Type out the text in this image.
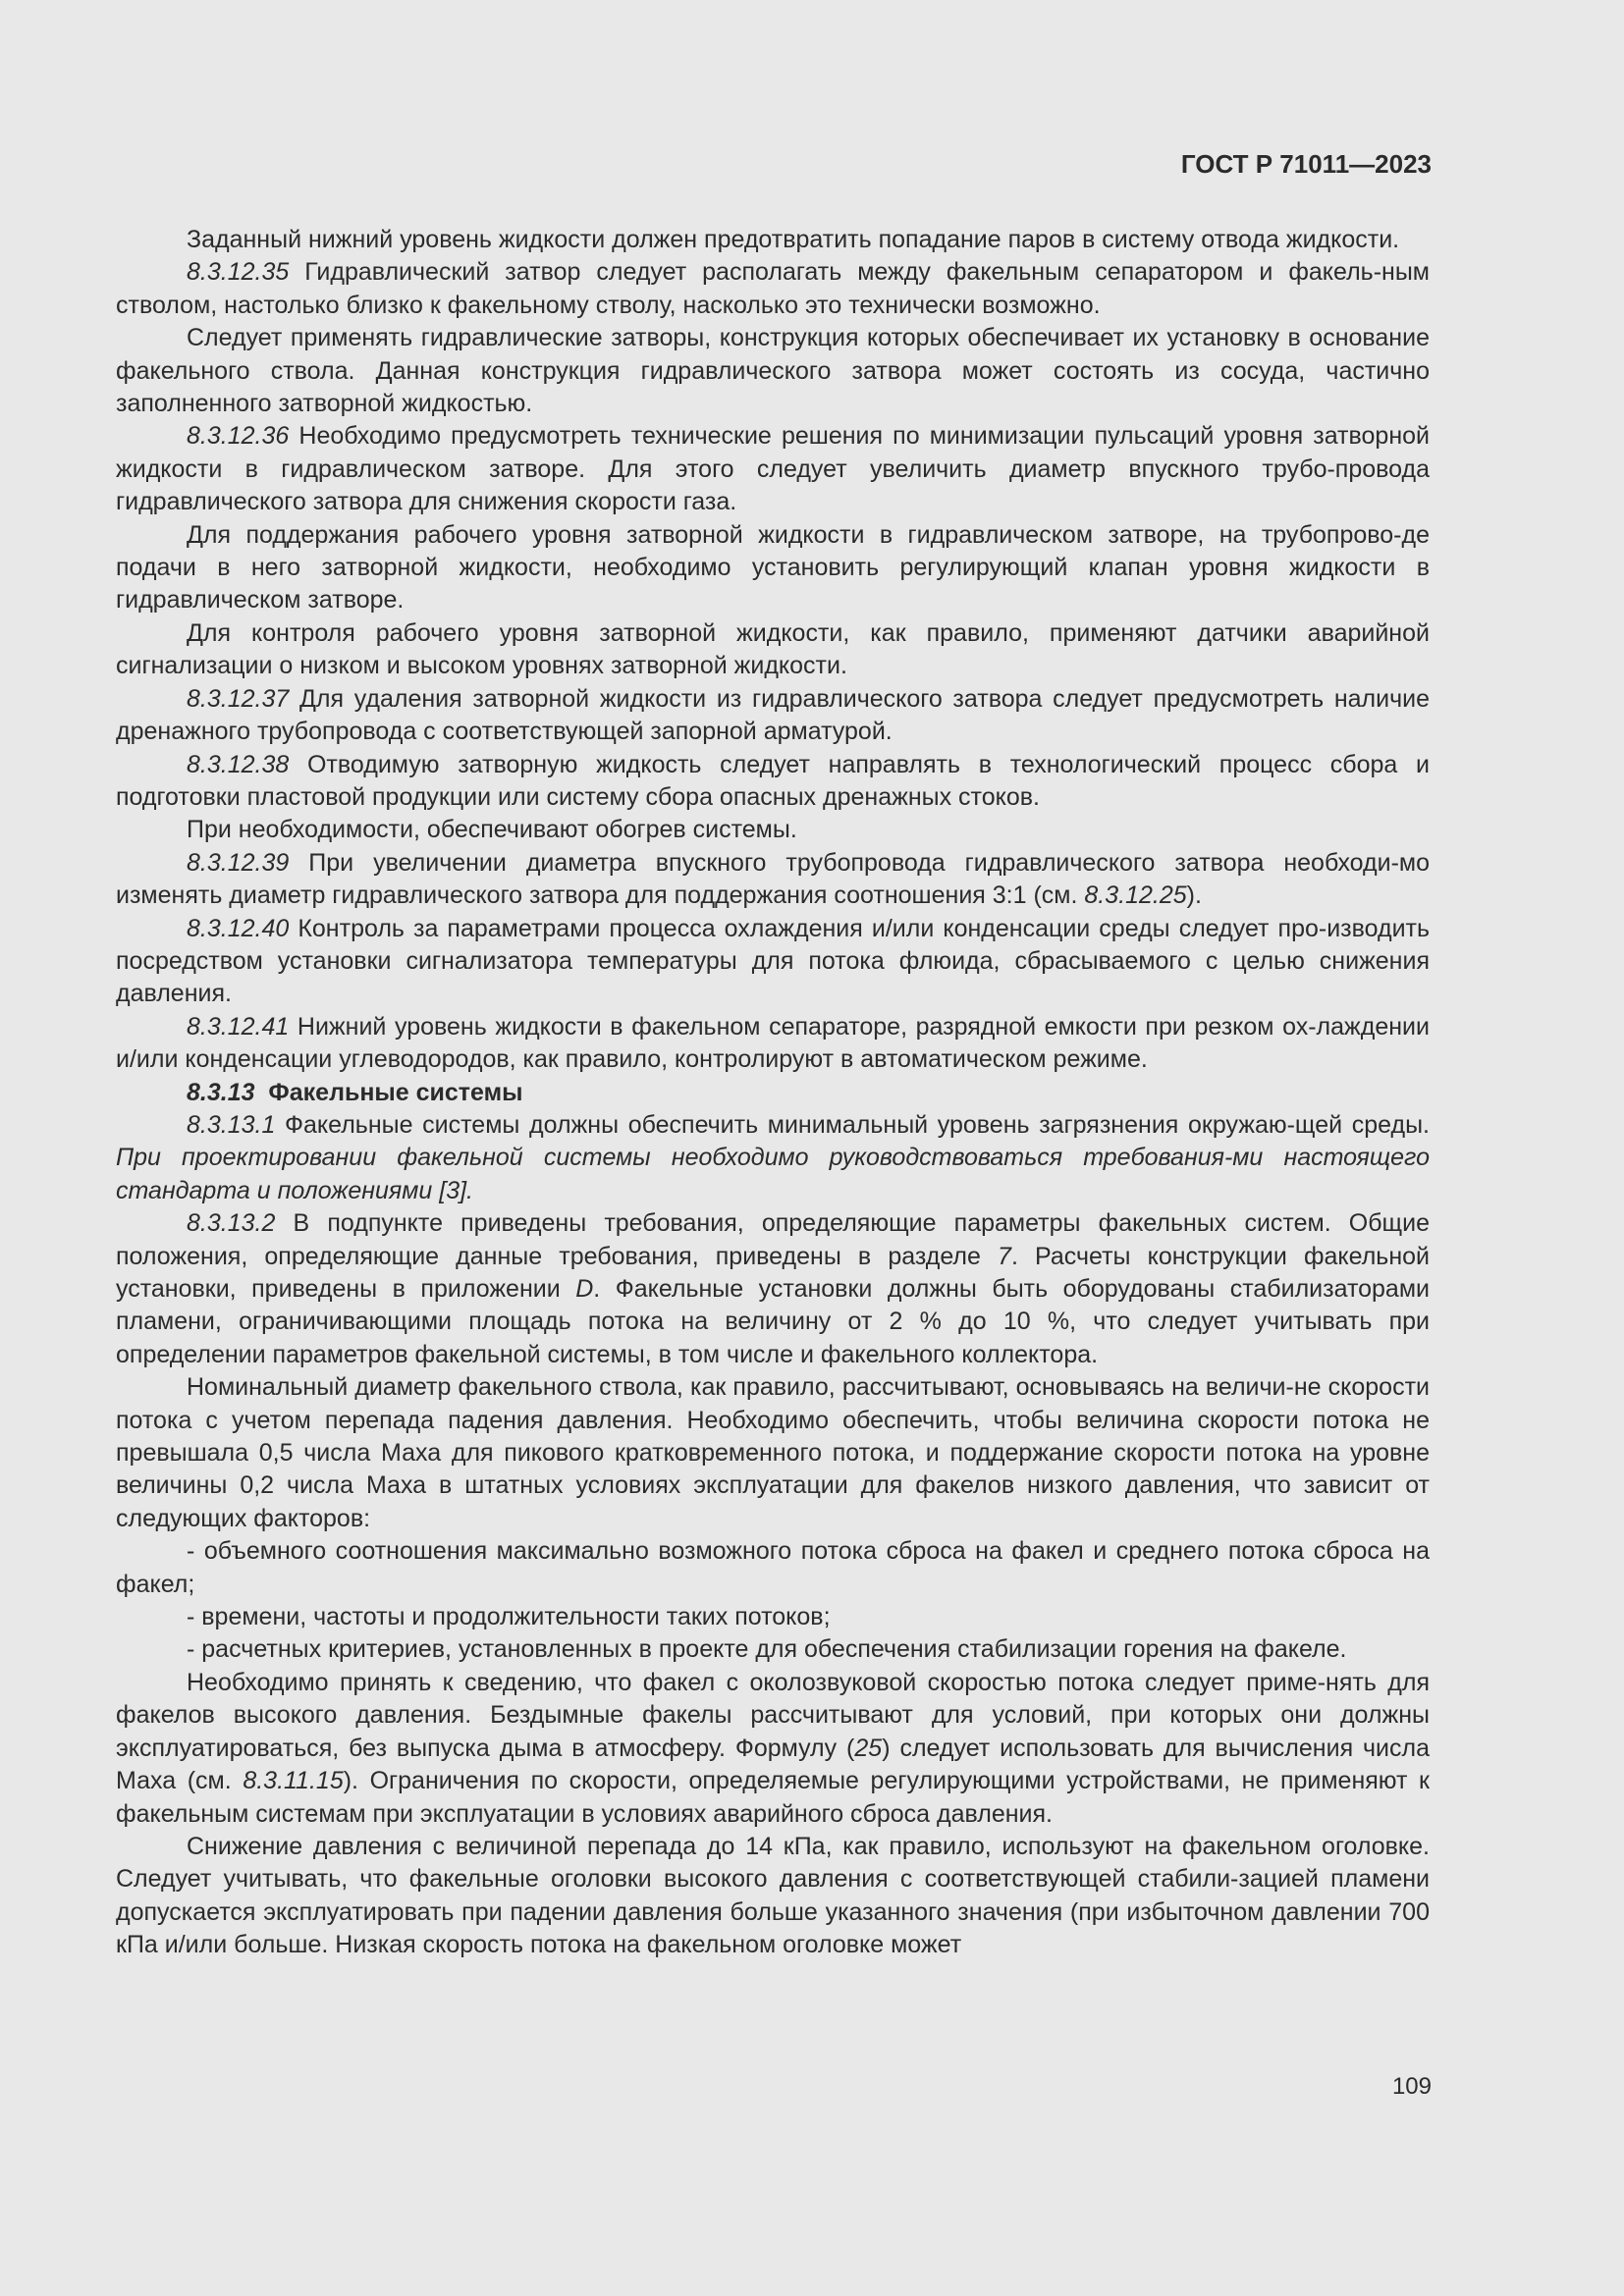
ГОСТ Р 71011—2023

Заданный нижний уровень жидкости должен предотвратить попадание паров в систему отвода жидкости.

8.3.12.35 Гидравлический затвор следует располагать между факельным сепаратором и факель-ным стволом, настолько близко к факельному стволу, насколько это технически возможно.

Следует применять гидравлические затворы, конструкция которых обеспечивает их установку в основание факельного ствола. Данная конструкция гидравлического затвора может состоять из сосуда, частично заполненного затворной жидкостью.

8.3.12.36 Необходимо предусмотреть технические решения по минимизации пульсаций уровня затворной жидкости в гидравлическом затворе. Для этого следует увеличить диаметр впускного трубо-провода гидравлического затвора для снижения скорости газа.

Для поддержания рабочего уровня затворной жидкости в гидравлическом затворе, на трубопрово-де подачи в него затворной жидкости, необходимо установить регулирующий клапан уровня жидкости в гидравлическом затворе.

Для контроля рабочего уровня затворной жидкости, как правило, применяют датчики аварийной сигнализации о низком и высоком уровнях затворной жидкости.

8.3.12.37 Для удаления затворной жидкости из гидравлического затвора следует предусмотреть наличие дренажного трубопровода с соответствующей запорной арматурой.

8.3.12.38 Отводимую затворную жидкость следует направлять в технологический процесс сбора и подготовки пластовой продукции или систему сбора опасных дренажных стоков.

При необходимости, обеспечивают обогрев системы.

8.3.12.39 При увеличении диаметра впускного трубопровода гидравлического затвора необходи-мо изменять диаметр гидравлического затвора для поддержания соотношения 3:1 (см. 8.3.12.25).

8.3.12.40 Контроль за параметрами процесса охлаждения и/или конденсации среды следует про-изводить посредством установки сигнализатора температуры для потока флюида, сбрасываемого с целью снижения давления.

8.3.12.41 Нижний уровень жидкости в факельном сепараторе, разрядной емкости при резком ох-лаждении и/или конденсации углеводородов, как правило, контролируют в автоматическом режиме.

8.3.13 Факельные системы

8.3.13.1 Факельные системы должны обеспечить минимальный уровень загрязнения окружаю-щей среды. При проектировании факельной системы необходимо руководствоваться требования-ми настоящего стандарта и положениями [3].

8.3.13.2 В подпункте приведены требования, определяющие параметры факельных систем. Общие положения, определяющие данные требования, приведены в разделе 7. Расчеты конструкции факельной установки, приведены в приложении D. Факельные установки должны быть оборудованы стабилизаторами пламени, ограничивающими площадь потока на величину от 2 % до 10 %, что следует учитывать при определении параметров факельной системы, в том числе и факельного коллектора.

Номинальный диаметр факельного ствола, как правило, рассчитывают, основываясь на величи-не скорости потока с учетом перепада падения давления. Необходимо обеспечить, чтобы величина скорости потока не превышала 0,5 числа Маха для пикового кратковременного потока, и поддержание скорости потока на уровне величины 0,2 числа Маха в штатных условиях эксплуатации для факелов низкого давления, что зависит от следующих факторов:

- объемного соотношения максимально возможного потока сброса на факел и среднего потока сброса на факел;

- времени, частоты и продолжительности таких потоков;

- расчетных критериев, установленных в проекте для обеспечения стабилизации горения на факеле.

Необходимо принять к сведению, что факел с околозвуковой скоростью потока следует приме-нять для факелов высокого давления. Бездымные факелы рассчитывают для условий, при которых они должны эксплуатироваться, без выпуска дыма в атмосферу. Формулу (25) следует использовать для вычисления числа Маха (см. 8.3.11.15). Ограничения по скорости, определяемые регулирующими устройствами, не применяют к факельным системам при эксплуатации в условиях аварийного сброса давления.

Снижение давления с величиной перепада до 14 кПа, как правило, используют на факельном оголовке. Следует учитывать, что факельные оголовки высокого давления с соответствующей стабили-зацией пламени допускается эксплуатировать при падении давления больше указанного значения (при избыточном давлении 700 кПа и/или больше. Низкая скорость потока на факельном оголовке может

109
